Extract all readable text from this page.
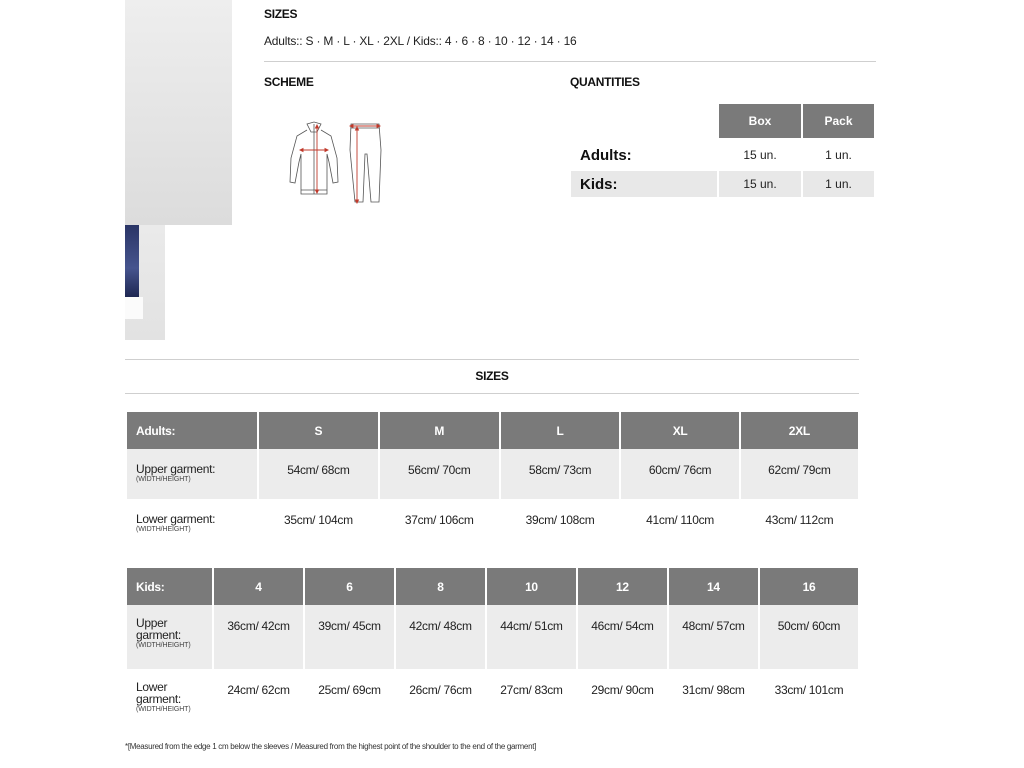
SIZES
Adults:: S · M · L · XL · 2XL / Kids:: 4 · 6 · 8 · 10 · 12 · 14 · 16
SCHEME	QUANTITIES
Box	Pack
Adults:	15 un.	1 un.
Kids:	15 un.	1 un.
SIZES
Adults:	S	M	L	XL	2XL
Upper garment:
(WIDTH/HEIGHT)	54cm/ 68cm	56cm/ 70cm	58cm/ 73cm	60cm/ 76cm	62cm/ 79cm
Lower garment:
(WIDTH/HEIGHT)	35cm/ 104cm	37cm/ 106cm	39cm/ 108cm	41cm/ 110cm	43cm/ 112cm
Kids:	4	6	8	10	12	14	16
Upper
garment:
(WIDTH/HEIGHT)	36cm/ 42cm	39cm/ 45cm	42cm/ 48cm	44cm/ 51cm	46cm/ 54cm	48cm/ 57cm	50cm/ 60cm
Lower
garment:
(WIDTH/HEIGHT)	24cm/ 62cm	25cm/ 69cm	26cm/ 76cm	27cm/ 83cm	29cm/ 90cm	31cm/ 98cm	33cm/ 101cm
*[Measured from the edge 1 cm below the sleeves / Measured from the highest point of the shoulder to the end of the garment]
